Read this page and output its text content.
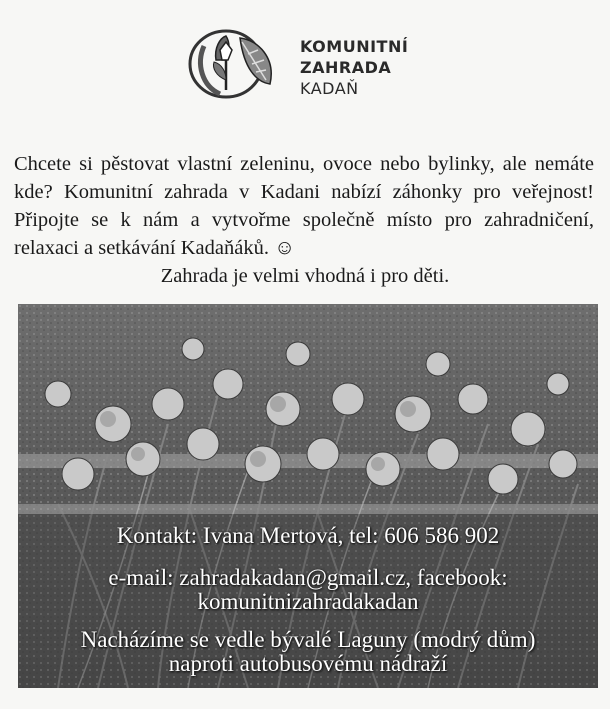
KOMUNITNÍ
ZAHRADA
KADAŇ
Chcete si pěstovat vlastní zeleninu, ovoce nebo bylinky, ale nemáte kde? Komunitní zahrada v Kadani nabízí záhonky pro veřejnost! Připojte se k nám a vytvořme společně místo pro zahradničení, relaxaci a setkávání Kadaňáků. ☺
Zahrada je velmi vhodná i pro děti.
Kontakt: Ivana Mertová, tel: 606 586 902
e-mail: zahradakadan@gmail.cz, facebook:
komunitnizahradakadan
Nacházíme se vedle bývalé Laguny (modrý dům)
naproti autobusovému nádraží
